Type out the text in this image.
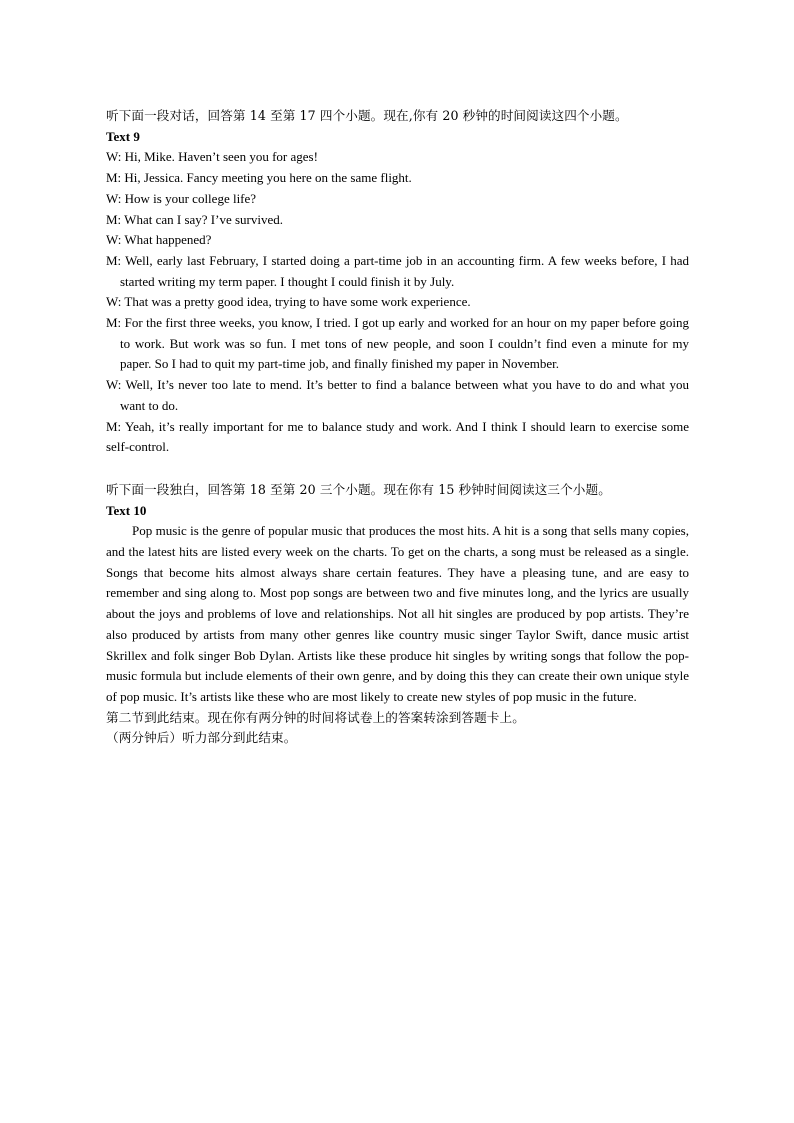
听下面一段对话，回答第 14 至第 17 四个小题。现在,你有 20 秒钟的时间阅读这四个小题。

Text 9

W: Hi, Mike. Haven’t seen you for ages!

M: Hi, Jessica. Fancy meeting you here on the same flight.

W: How is your college life?

M: What can I say? I’ve survived.

W: What happened?

M: Well, early last February, I started doing a part-time job in an accounting firm. A few weeks before, I had started writing my term paper. I thought I could finish it by July.

W: That was a pretty good idea, trying to have some work experience.

M: For the first three weeks, you know, I tried. I got up early and worked for an hour on my paper before going to work. But work was so fun. I met tons of new people, and soon I couldn’t find even a minute for my paper. So I had to quit my part-time job, and finally finished my paper in November.

W: Well, It’s never too late to mend. It’s better to find a balance between what you have to do and what you want to do.

M: Yeah, it’s really important for me to balance study and work. And I think I should learn to exercise some self-control.

听下面一段独白，回答第 18 至第 20 三个小题。现在你有 15 秒钟时间阅读这三个小题。

Text 10

Pop music is the genre of popular music that produces the most hits. A hit is a song that sells many copies, and the latest hits are listed every week on the charts. To get on the charts, a song must be released as a single. Songs that become hits almost always share certain features. They have a pleasing tune, and are easy to remember and sing along to. Most pop songs are between two and five minutes long, and the lyrics are usually about the joys and problems of love and relationships. Not all hit singles are produced by pop artists. They’re also produced by artists from many other genres like country music singer Taylor Swift, dance music artist Skrillex and folk singer Bob Dylan. Artists like these produce hit singles by writing songs that follow the pop-music formula but include elements of their own genre, and by doing this they can create their own unique style of pop music. It’s artists like these who are most likely to create new styles of pop music in the future.

第二节到此结束。现在你有两分钟的时间将试卷上的答案转涂到答题卡上。

（两分钟后）听力部分到此结束。
